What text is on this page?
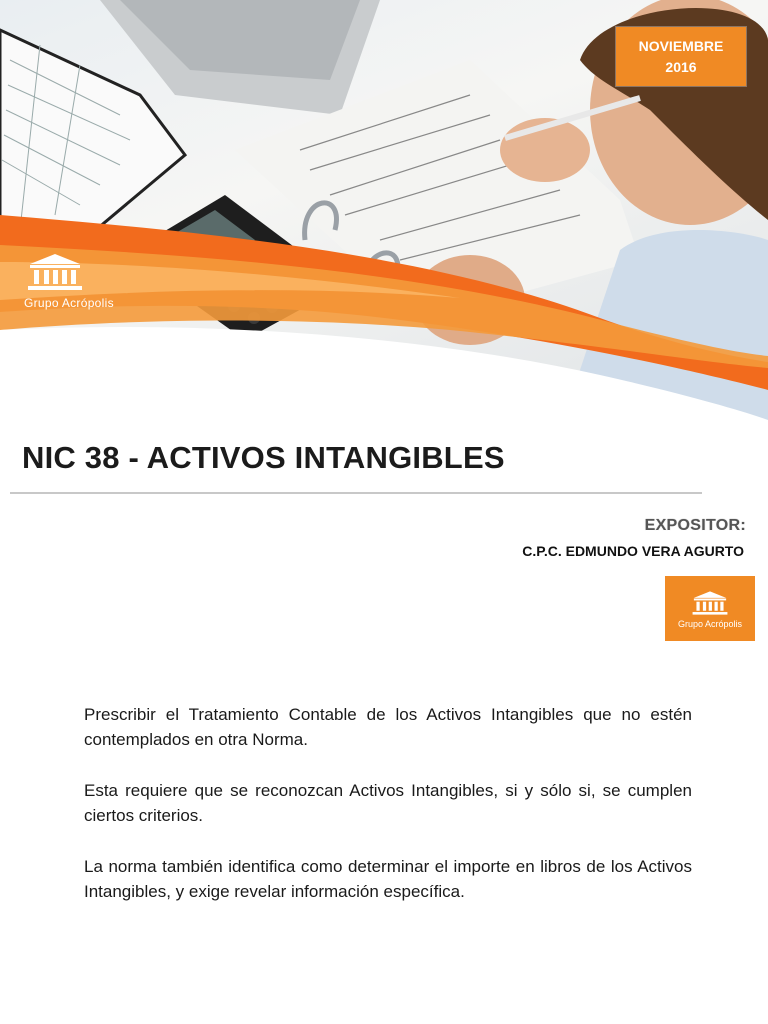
NOVIEMBRE
2016
Grupo Acrópolis
NIC 38 - ACTIVOS INTANGIBLES
EXPOSITOR:
C.P.C. EDMUNDO VERA AGURTO
Grupo Acrópolis

Prescribir el Tratamiento Contable de los Activos Intangibles que no estén contemplados en otra Norma.

Esta requiere que se reconozcan Activos Intangibles, si y sólo si, se cumplen ciertos criterios.

La norma también identifica como determinar el importe en libros de los Activos Intangibles, y exige revelar información específica.
